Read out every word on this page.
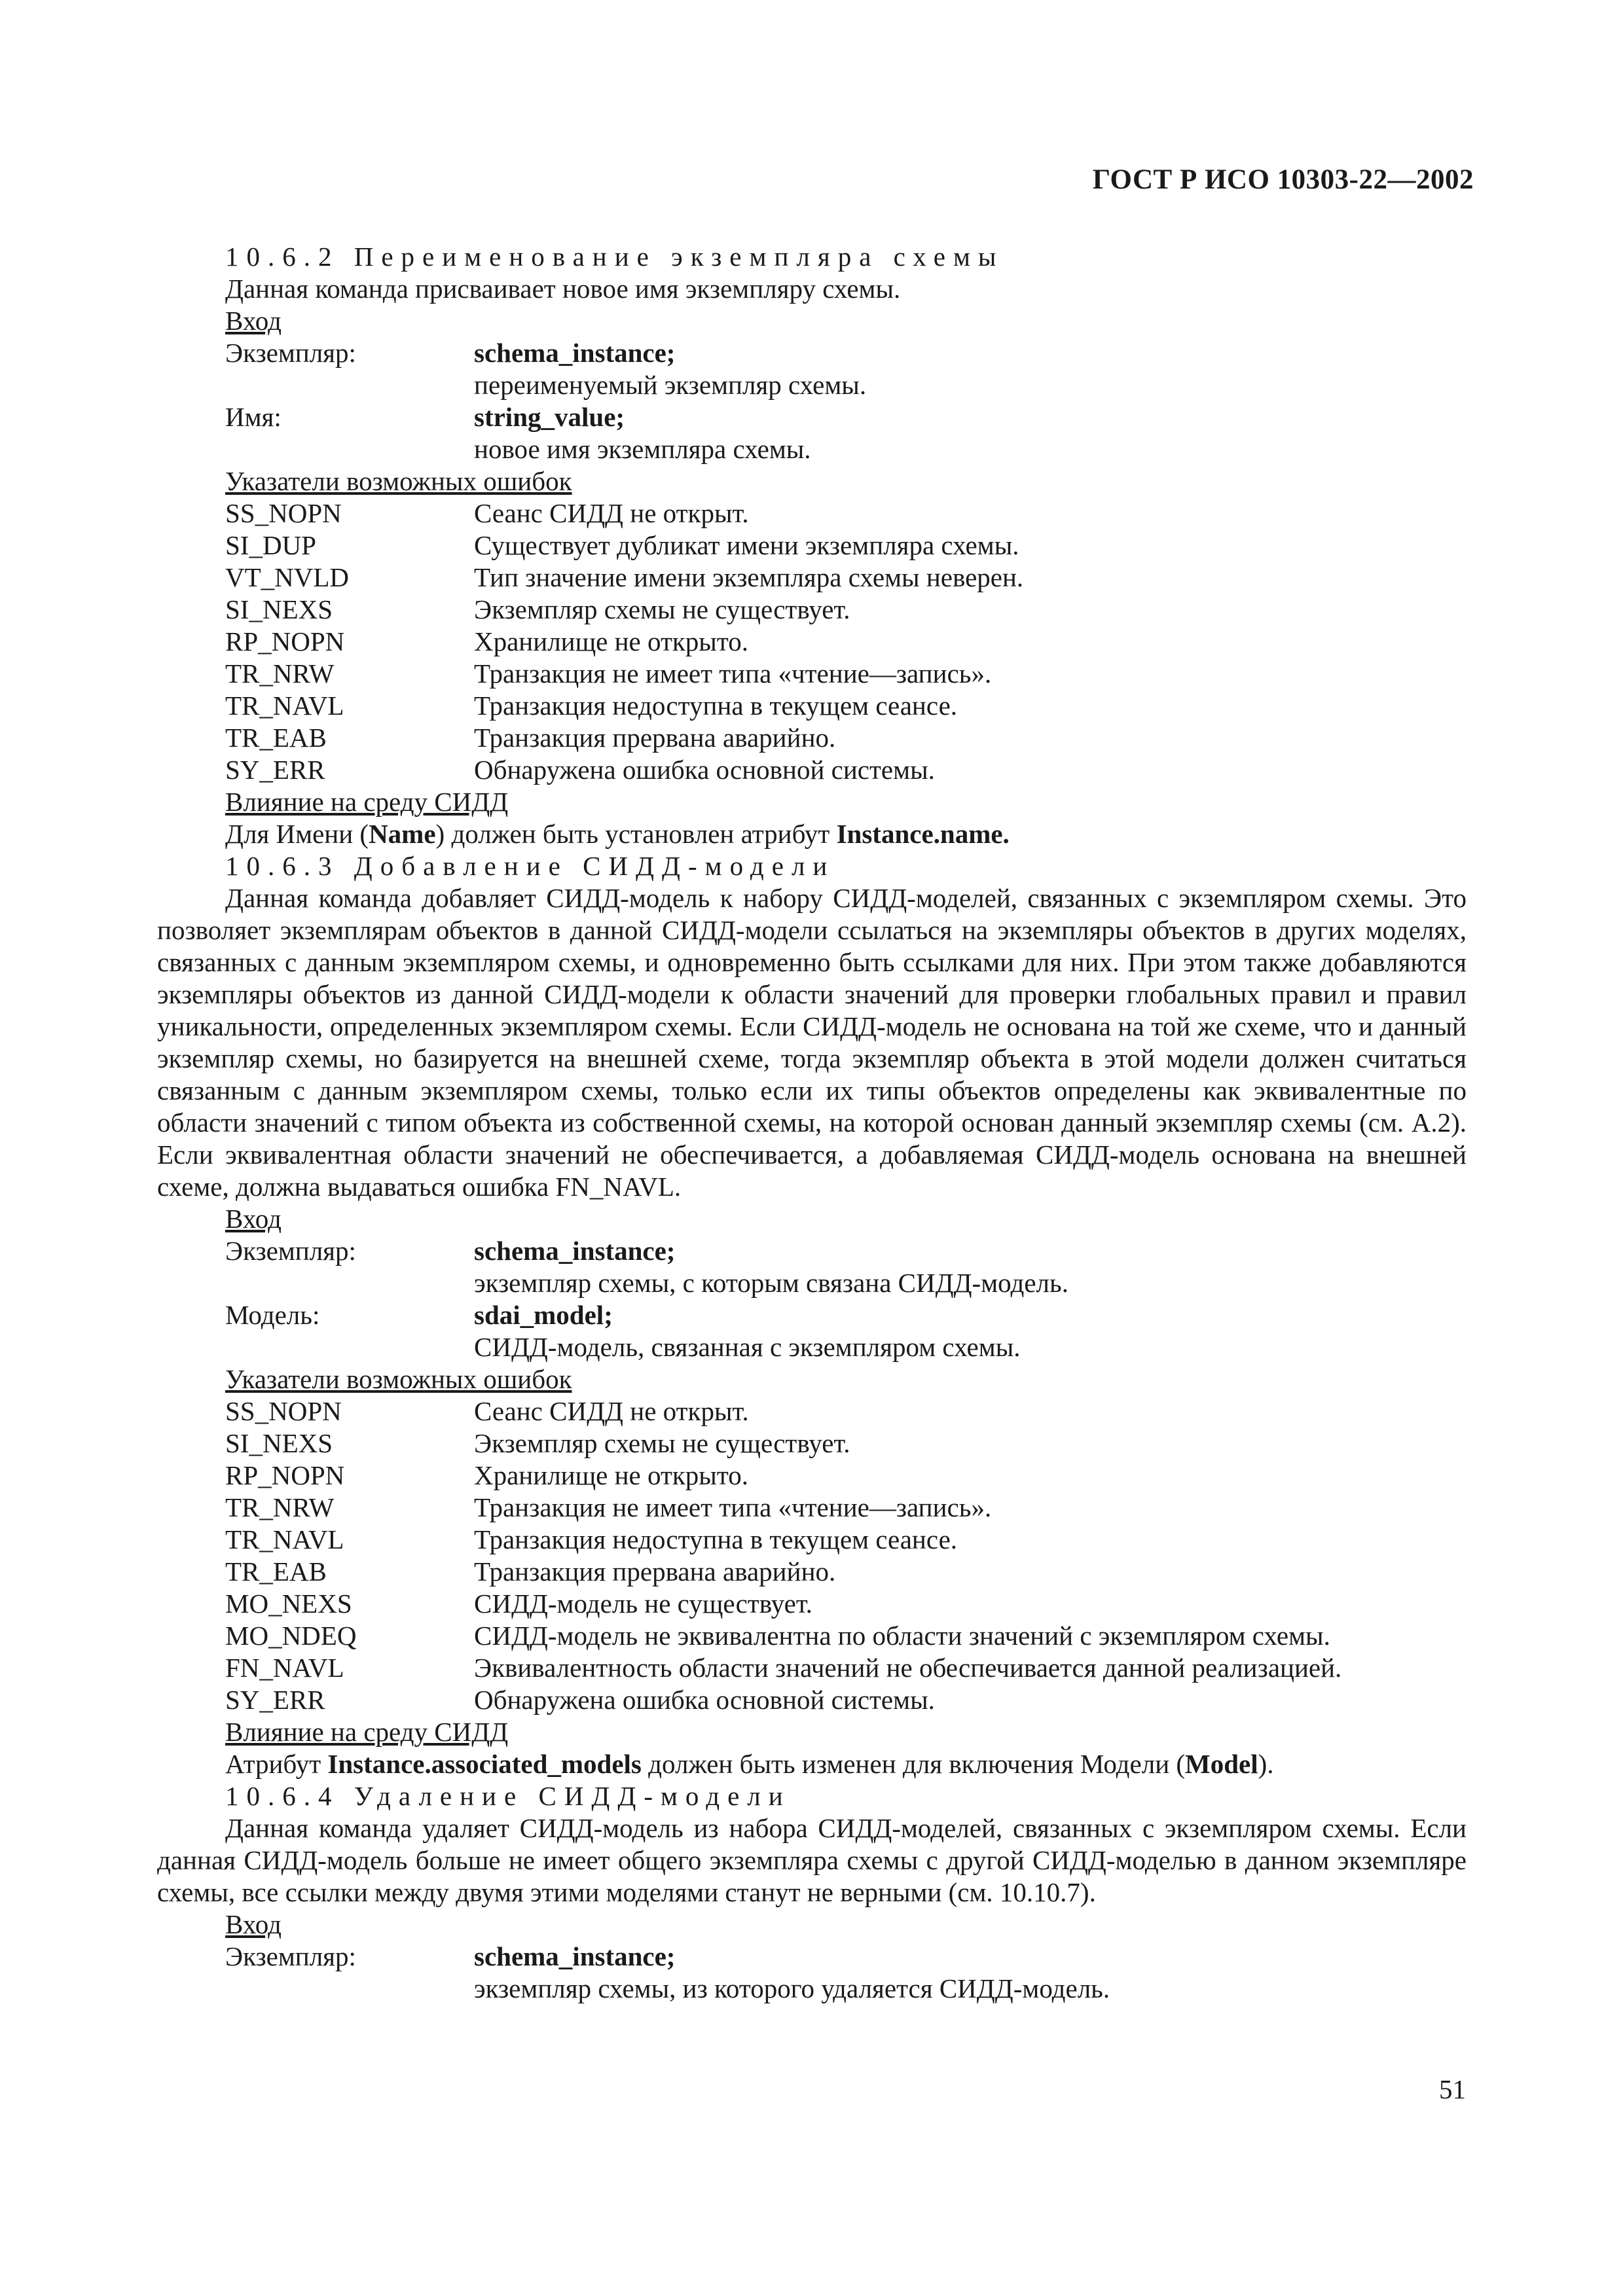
ГОСТ Р ИСО 10303-22—2002
10.6.2 Переименование экземпляра схемы
Данная команда присваивает новое имя экземпляру схемы.
Вход
Экземпляр:	schema_instance;
переименуемый экземпляр схемы.
Имя:	string_value;
новое имя экземпляра схемы.
Указатели возможных ошибок
SS_NOPN	Сеанс СИДД не открыт.
SI_DUP	Существует дубликат имени экземпляра схемы.
VT_NVLD	Тип значение имени экземпляра схемы неверен.
SI_NEXS	Экземпляр схемы не существует.
RP_NOPN	Хранилище не открыто.
TR_NRW	Транзакция не имеет типа «чтение—запись».
TR_NAVL	Транзакция недоступна в текущем сеансе.
TR_EAB	Транзакция прервана аварийно.
SY_ERR	Обнаружена ошибка основной системы.
Влияние на среду СИДД
Для Имени (Name) должен быть установлен атрибут Instance.name.
10.6.3 Добавление СИДД-модели

Данная команда добавляет СИДД-модель к набору СИДД-моделей, связанных с экземпляром схемы. Это позволяет экземплярам объектов в данной СИДД-модели ссылаться на экземпляры объектов в других моделях, связанных с данным экземпляром схемы, и одновременно быть ссылками для них. При этом также добавляются экземпляры объектов из данной СИДД-модели к области значений для проверки глобальных правил и правил уникальности, определенных экземпляром схемы. Если СИДД-модель не основана на той же схеме, что и данный экземпляр схемы, но базируется на внешней схеме, тогда экземпляр объекта в этой модели должен считаться связанным с данным экземпляром схемы, только если их типы объектов определены как эквивалентные по области значений с типом объекта из собственной схемы, на которой основан данный экземпляр схемы (см. А.2). Если эквивалентная области значений не обеспечивается, а добавляемая СИДД-модель основана на внешней схеме, должна выдаваться ошибка FN_NAVL.

Вход
Экземпляр:	schema_instance;
экземпляр схемы, с которым связана СИДД-модель.
Модель:	sdai_model;
СИДД-модель, связанная с экземпляром схемы.
Указатели возможных ошибок
SS_NOPN	Сеанс СИДД не открыт.
SI_NEXS	Экземпляр схемы не существует.
RP_NOPN	Хранилище не открыто.
TR_NRW	Транзакция не имеет типа «чтение—запись».
TR_NAVL	Транзакция недоступна в текущем сеансе.
TR_EAB	Транзакция прервана аварийно.
MO_NEXS	СИДД-модель не существует.
MO_NDEQ	СИДД-модель не эквивалентна по области значений с экземпляром схемы.
FN_NAVL	Эквивалентность области значений не обеспечивается данной реализацией.
SY_ERR	Обнаружена ошибка основной системы.
Влияние на среду СИДД
Атрибут Instance.associated_models должен быть изменен для включения Модели (Model).
10.6.4 Удаление СИДД-модели

Данная команда удаляет СИДД-модель из набора СИДД-моделей, связанных с экземпляром схемы. Если данная СИДД-модель больше не имеет общего экземпляра схемы с другой СИДД-моделью в данном экземпляре схемы, все ссылки между двумя этими моделями станут не верными (см. 10.10.7).

Вход
Экземпляр:	schema_instance;
экземпляр схемы, из которого удаляется СИДД-модель.
51
